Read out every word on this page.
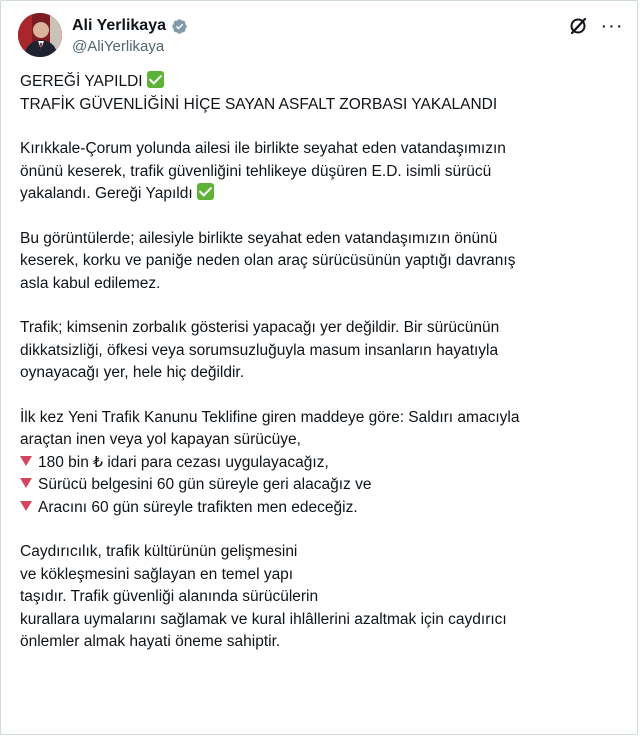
Ali Yerlikaya
@AliYerlikaya
···

GEREĞİ YAPILDI
TRAFİK GÜVENLİĞİNİ HİÇE SAYAN ASFALT ZORBASI YAKALANDI

Kırıkkale-Çorum yolunda ailesi ile birlikte seyahat eden vatandaşımızın
önünü keserek, trafik güvenliğini tehlikeye düşüren E.D. isimli sürücü
yakalandı. Gereği Yapıldı

Bu görüntülerde; ailesiyle birlikte seyahat eden vatandaşımızın önünü
keserek, korku ve paniğe neden olan araç sürücüsünün yaptığı davranış
asla kabul edilemez.

Trafik; kimsenin zorbalık gösterisi yapacağı yer değildir. Bir sürücünün
dikkatsizliği, öfkesi veya sorumsuzluğuyla masum insanların hayatıyla
oynayacağı yer, hele hiç değildir.

İlk kez Yeni Trafik Kanunu Teklifine giren maddeye göre: Saldırı amacıyla
araçtan inen veya yol kapayan sürücüye,
180 bin ₺ idari para cezası uygulayacağız,
Sürücü belgesini 60 gün süreyle geri alacağız ve
Aracını 60 gün süreyle trafikten men edeceğiz.

Caydırıcılık, trafik kültürünün gelişmesini
ve kökleşmesini sağlayan en temel yapı
taşıdır. Trafik güvenliği alanında sürücülerin
kurallara uymalarını sağlamak ve kural ihlâllerini azaltmak için caydırıcı
önlemler almak hayati öneme sahiptir.
